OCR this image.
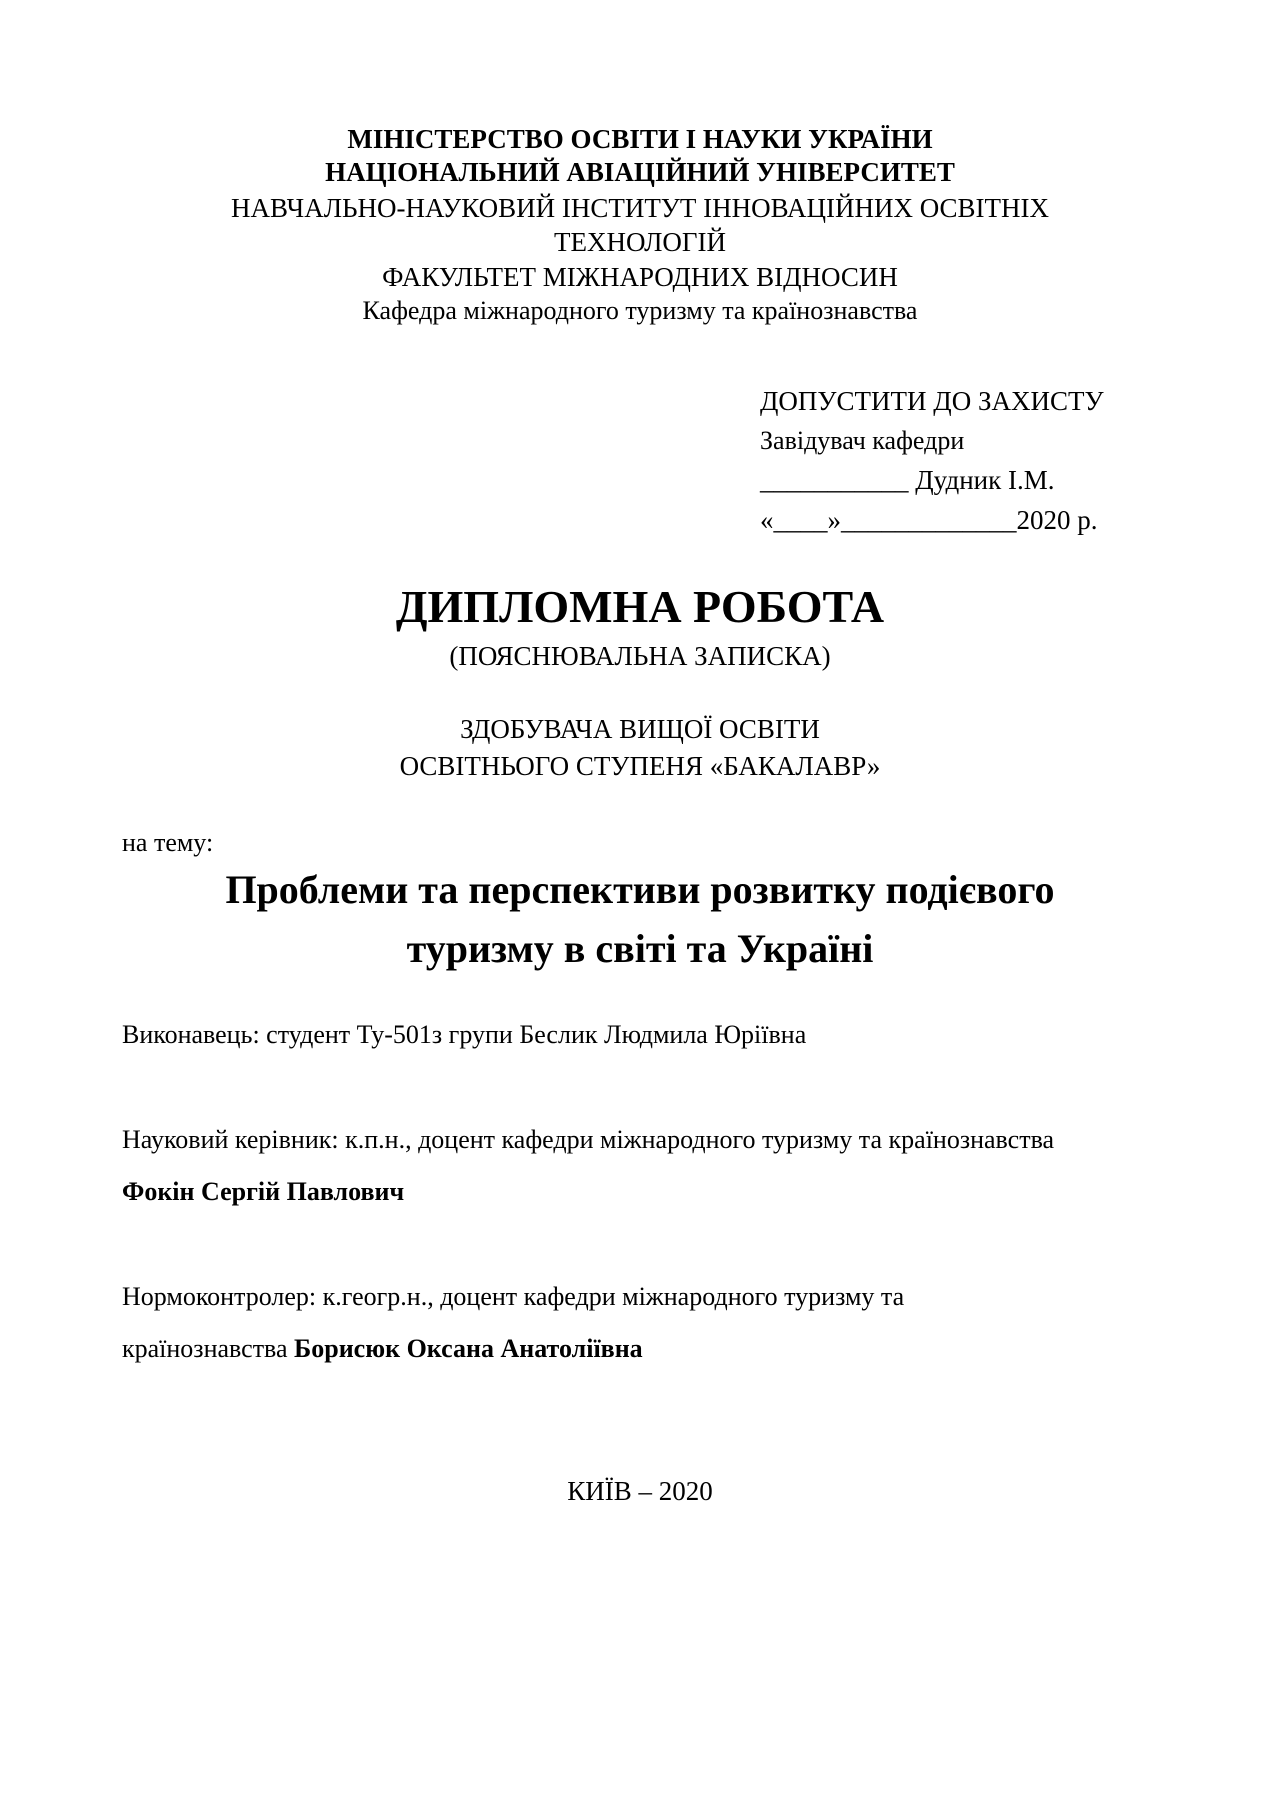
МІНІСТЕРСТВО ОСВІТИ І НАУКИ УКРАЇНИ
НАЦІОНАЛЬНИЙ АВІАЦІЙНИЙ УНІВЕРСИТЕТ
НАВЧАЛЬНО-НАУКОВИЙ ІНСТИТУТ ІННОВАЦІЙНИХ ОСВІТНІХ
ТЕХНОЛОГІЙ
ФАКУЛЬТЕТ МІЖНАРОДНИХ ВІДНОСИН
Кафедра міжнародного туризму та країнознавства
ДОПУСТИТИ ДО ЗАХИСТУ
Завідувач кафедри
___________ Дудник І.М.
«____»_____________2020 р.
ДИПЛОМНА РОБОТА
(ПОЯСНЮВАЛЬНА ЗАПИСКА)
ЗДОБУВАЧА ВИЩОЇ ОСВІТИ
ОСВІТНЬОГО СТУПЕНЯ «БАКАЛАВР»
на тему:
Проблеми та перспективи розвитку подієвого
туризму в світі та Україні
Виконавець: студент Ту-501з групи Беслик Людмила Юріївна
Науковий керівник: к.п.н., доцент кафедри міжнародного туризму та країнознавства
Фокін Сергій Павлович
Нормоконтролер: к.геогр.н., доцент кафедри міжнародного туризму та
країнознавства Борисюк Оксана Анатоліївна
КИЇВ – 2020
